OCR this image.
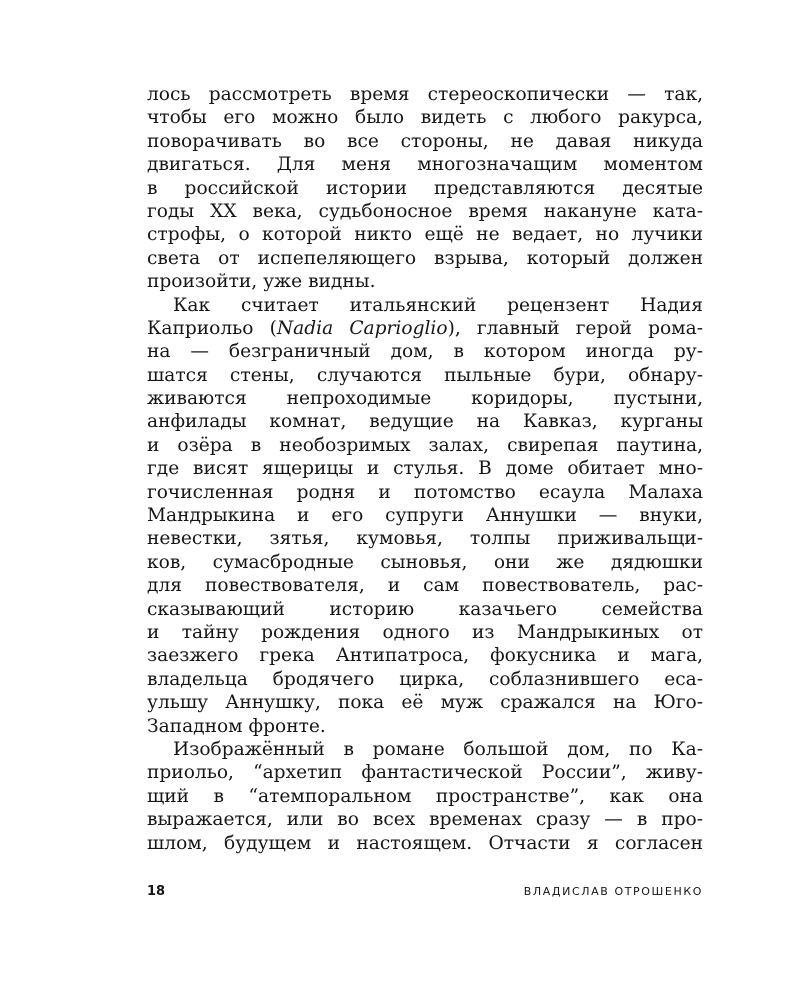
лось рассмотреть время стереоскопически — так,
чтобы его можно было видеть с любого ракурса,
поворачивать во все стороны, не давая никуда
двигаться. Для меня многозначащим моментом
в российской истории представляются десятые
годы XX века, судьбоносное время накануне ката-
строфы, о которой никто ещё не ведает, но лучики
света от испепеляющего взрыва, который должен
произойти, уже видны.
Как считает итальянский рецензент Надия
Каприольо (Nadia Caprioglio), главный герой рома-
на — безграничный дом, в котором иногда ру-
шатся стены, случаются пыльные бури, обнару-
живаются непроходимые коридоры, пустыни,
анфилады комнат, ведущие на Кавказ, курганы
и озёра в необозримых залах, свирепая паутина,
где висят ящерицы и стулья. В доме обитает мно-
гочисленная родня и потомство есаула Малаха
Мандрыкина и его супруги Аннушки — внуки,
невестки, зятья, кумовья, толпы приживальщи-
ков, сумасбродные сыновья, они же дядюшки
для повествователя, и сам повествователь, рас-
сказывающий историю казачьего семейства
и тайну рождения одного из Мандрыкиных от
заезжего грека Антипатроса, фокусника и мага,
владельца бродячего цирка, соблазнившего еса-
ульшу Аннушку, пока её муж сражался на Юго-
Западном фронте.
Изображённый в романе большой дом, по Ка-
приольо, “архетип фантастической России”, живу-
щий в “атемпоральном пространстве”, как она
выражается, или во всех временах сразу — в про-
шлом, будущем и настоящем. Отчасти я согласен
18	ВЛАДИСЛАВ ОТРОШЕНКО
